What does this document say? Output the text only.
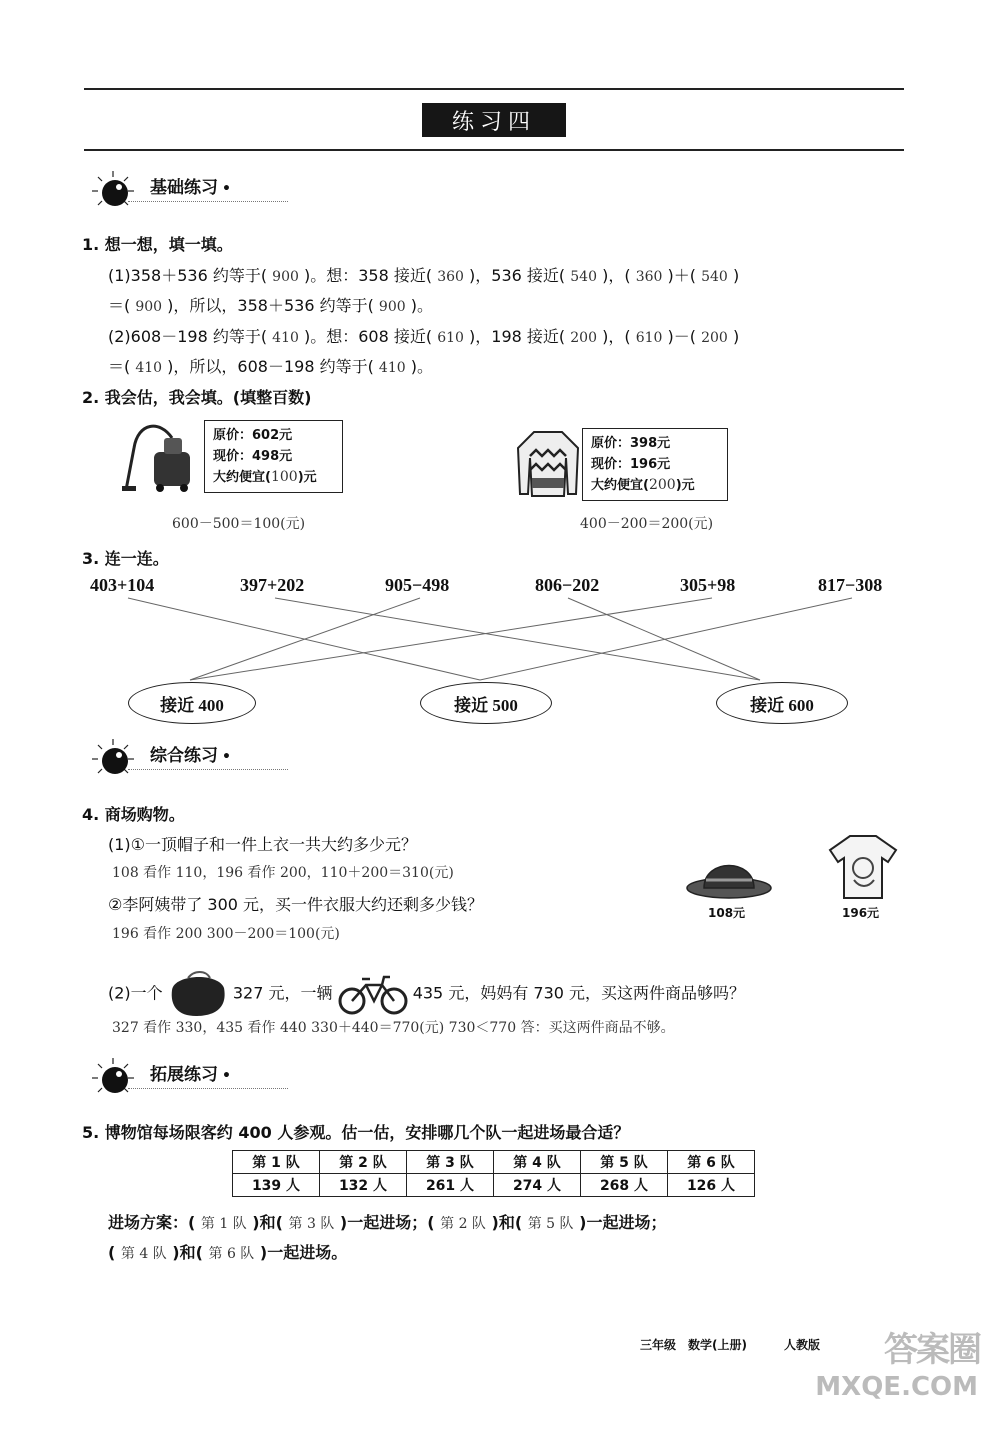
练习四
基础练习 •
1. 想一想，填一填。
(1)358＋536 约等于( 900 )。想：358 接近( 360 )，536 接近( 540 )，( 360 )＋( 540 )
＝( 900 )，所以，358＋536 约等于( 900 )。
(2)608－198 约等于( 410 )。想：608 接近( 610 )，198 接近( 200 )，( 610 )－( 200 )
＝( 410 )，所以，608－198 约等于( 410 )。
2. 我会估，我会填。(填整百数)
原价：602元
现价：498元
大约便宜(100)元
600－500＝100(元)
原价：398元
现价：196元
大约便宜(200)元
400－200＝200(元)
3. 连一连。
403+104	397+202	905−498	806−202	305+98	817−308
接近 400	接近 500	接近 600
综合练习 •
4. 商场购物。
(1)①一顶帽子和一件上衣一共大约多少元？
108 看作 110，196 看作 200，110＋200＝310(元)
②李阿姨带了 300 元，买一件衣服大约还剩多少钱？
196 看作 200 300－200＝100(元)
108元	196元
(2)一个	327 元，一辆	435 元，妈妈有 730 元，买这两件商品够吗？
327 看作 330，435 看作 440 330＋440＝770(元) 730＜770 答：买这两件商品不够。
拓展练习 •
5. 博物馆每场限客约 400 人参观。估一估，安排哪几个队一起进场最合适？
第 1 队	第 2 队	第 3 队	第 4 队	第 5 队	第 6 队
139 人	132 人	261 人	274 人	268 人	126 人
进场方案：( 第 1 队 )和( 第 3 队 )一起进场；( 第 2 队 )和( 第 5 队 )一起进场；
( 第 4 队 )和( 第 6 队 )一起进场。
三年级 数学(上册)	人教版 答案圈
MXQE.COM
